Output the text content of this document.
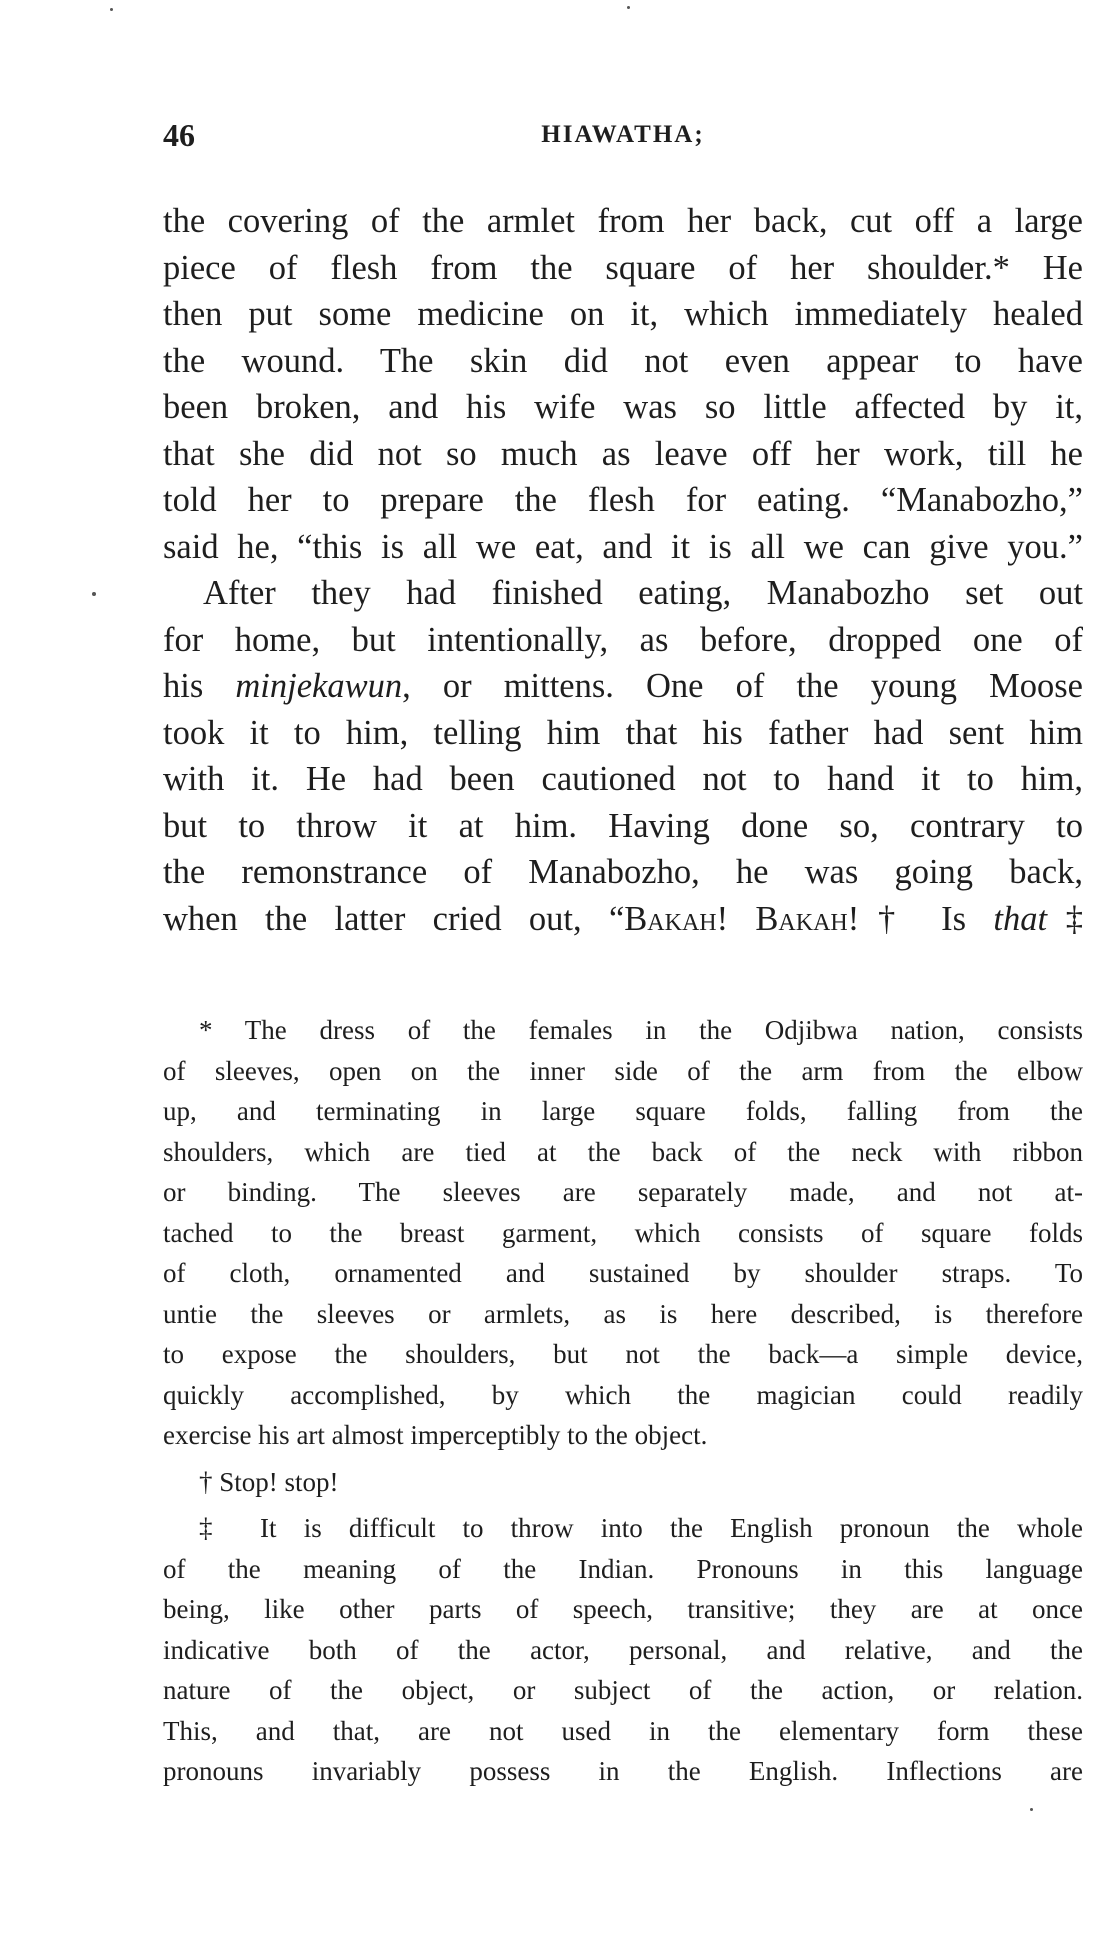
46	HIAWATHA;
the covering of the armlet from her back, cut off a large
piece of flesh from the square of her shoulder.* He
then put some medicine on it, which immediately healed
the wound. The skin did not even appear to have
been broken, and his wife was so little affected by it,
that she did not so much as leave off her work, till he
told her to prepare the flesh for eating. “Manabozho,”
said he, “this is all we eat, and it is all we can give you.”
After they had finished eating, Manabozho set out
for home, but intentionally, as before, dropped one of
his minjekawun, or mittens. One of the young Moose
took it to him, telling him that his father had sent him
with it. He had been cautioned not to hand it to him,
but to throw it at him. Having done so, contrary to
the remonstrance of Manabozho, he was going back,
when the latter cried out, “Bakah! Bakah!† Is that‡
* The dress of the females in the Odjibwa nation, consists
of sleeves, open on the inner side of the arm from the elbow
up, and terminating in large square folds, falling from the
shoulders, which are tied at the back of the neck with ribbon
or binding. The sleeves are separately made, and not at-
tached to the breast garment, which consists of square folds
of cloth, ornamented and sustained by shoulder straps. To
untie the sleeves or armlets, as is here described, is therefore
to expose the shoulders, but not the back—a simple device,
quickly accomplished, by which the magician could readily
exercise his art almost imperceptibly to the object.
† Stop! stop!
‡ It is difficult to throw into the English pronoun the whole
of the meaning of the Indian. Pronouns in this language
being, like other parts of speech, transitive; they are at once
indicative both of the actor, personal, and relative, and the
nature of the object, or subject of the action, or relation.
This, and that, are not used in the elementary form these
pronouns invariably possess in the English. Inflections are
